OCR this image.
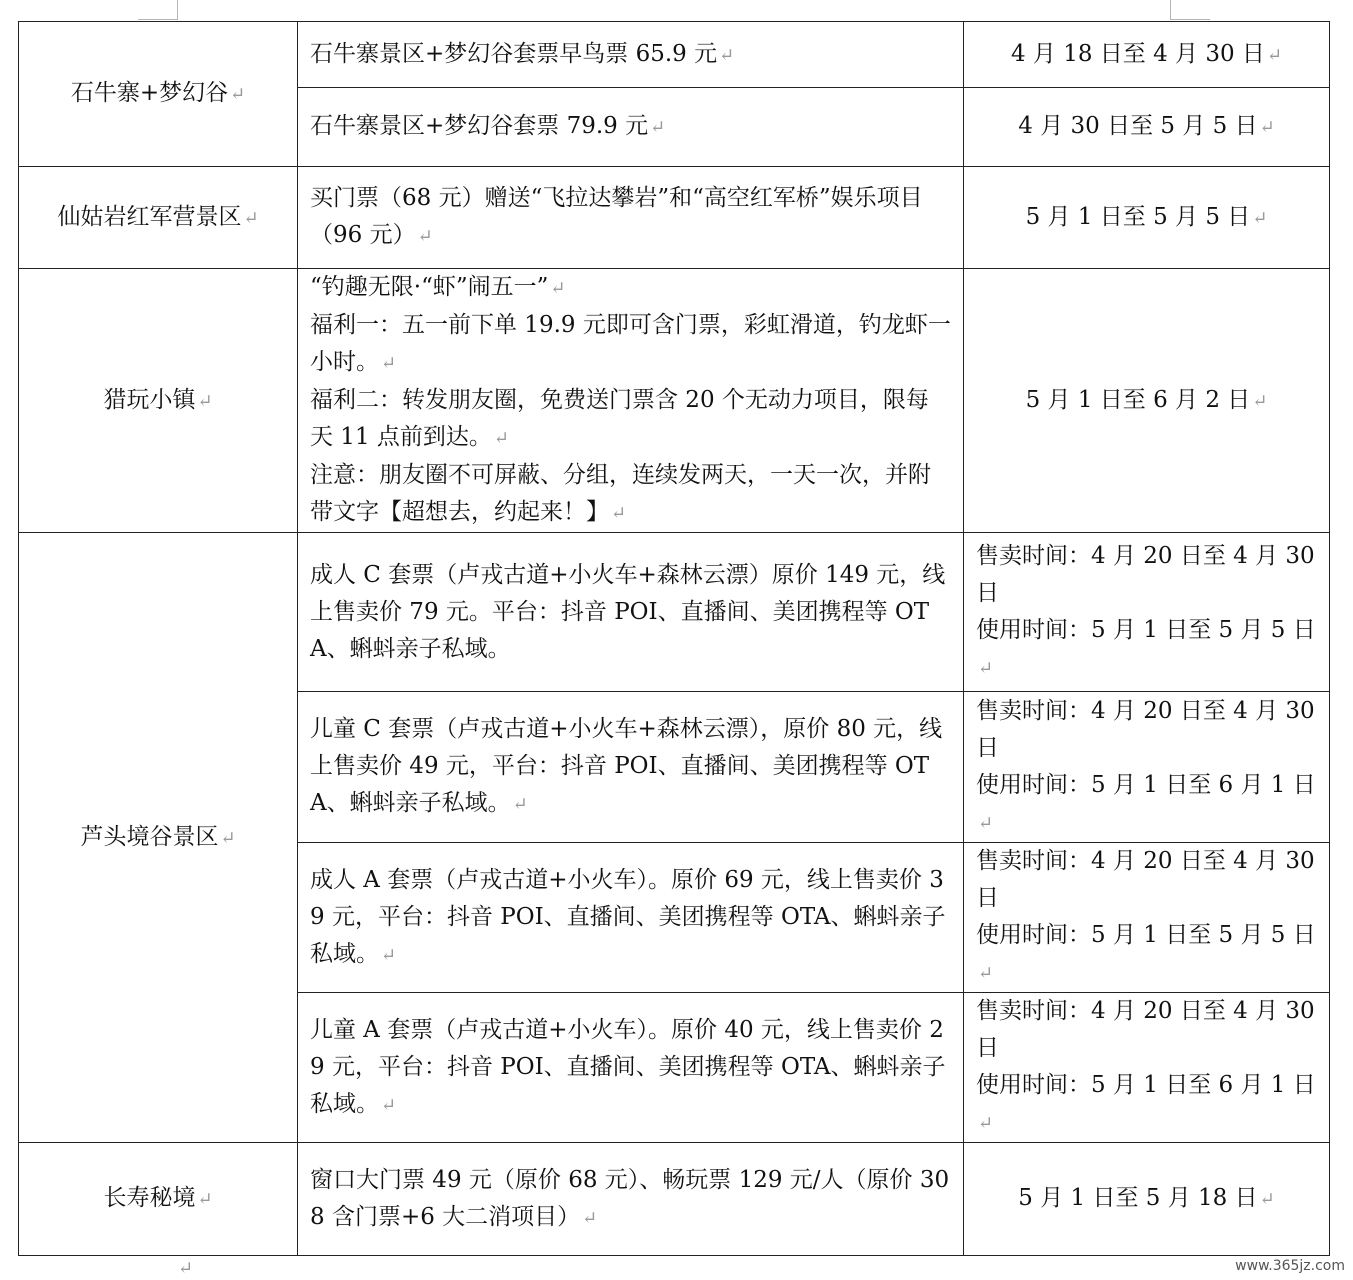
石牛寨+梦幻谷 ↵	石牛寨景区+梦幻谷套票早鸟票 65.9 元 ↵	4 月 18 日至 4 月 30 日 ↵
	石牛寨景区+梦幻谷套票 79.9 元 ↵	4 月 30 日至 5 月 5 日 ↵
仙姑岩红军营景区 ↵	买门票（68 元）赠送“飞拉达攀岩”和“高空红军桥”娱乐项目（96 元） ↵	5 月 1 日至 5 月 5 日 ↵
猎玩小镇 ↵	“钓趣无限·“虾”闹五一” ↵
福利一：五一前下单 19.9 元即可含门票，彩虹滑道，钓龙虾一小时。 ↵
福利二：转发朋友圈，免费送门票含 20 个无动力项目，限每天 11 点前到达。 ↵
注意：朋友圈不可屏蔽、分组，连续发两天，一天一次，并附带文字【超想去，约起来！】 ↵	5 月 1 日至 6 月 2 日 ↵
芦头境谷景区 ↵	成人 C 套票（卢戎古道+小火车+森林云漂）原价 149 元，线上售卖价 79 元。平台：抖音 POI、直播间、美团携程等 OTA、蝌蚪亲子私域。	售卖时间：4 月 20 日至 4 月 30 日
使用时间：5 月 1 日至 5 月 5 日↵

	儿童 C 套票（卢戎古道+小火车+森林云漂），原价 80 元，线上售卖价 49 元，平台：抖音 POI、直播间、美团携程等 OTA、蝌蚪亲子私域。 ↵	售卖时间：4 月 20 日至 4 月 30 日
使用时间：5 月 1 日至 6 月 1 日↵

	成人 A 套票（卢戎古道+小火车）。原价 69 元，线上售卖价 39 元，平台：抖音 POI、直播间、美团携程等 OTA、蝌蚪亲子私域。 ↵	售卖时间：4 月 20 日至 4 月 30 日
使用时间：5 月 1 日至 5 月 5 日↵

	儿童 A 套票（卢戎古道+小火车）。原价 40 元，线上售卖价 29 元，平台：抖音 POI、直播间、美团携程等 OTA、蝌蚪亲子私域。 ↵	售卖时间：4 月 20 日至 4 月 30 日
使用时间：5 月 1 日至 6 月 1 日↵

长寿秘境 ↵	窗口大门票 49 元（原价 68 元）、畅玩票 129 元/人（原价 308 含门票+6 大二消项目） ↵	5 月 1 日至 5 月 18 日 ↵
↵	www.365jz.com
